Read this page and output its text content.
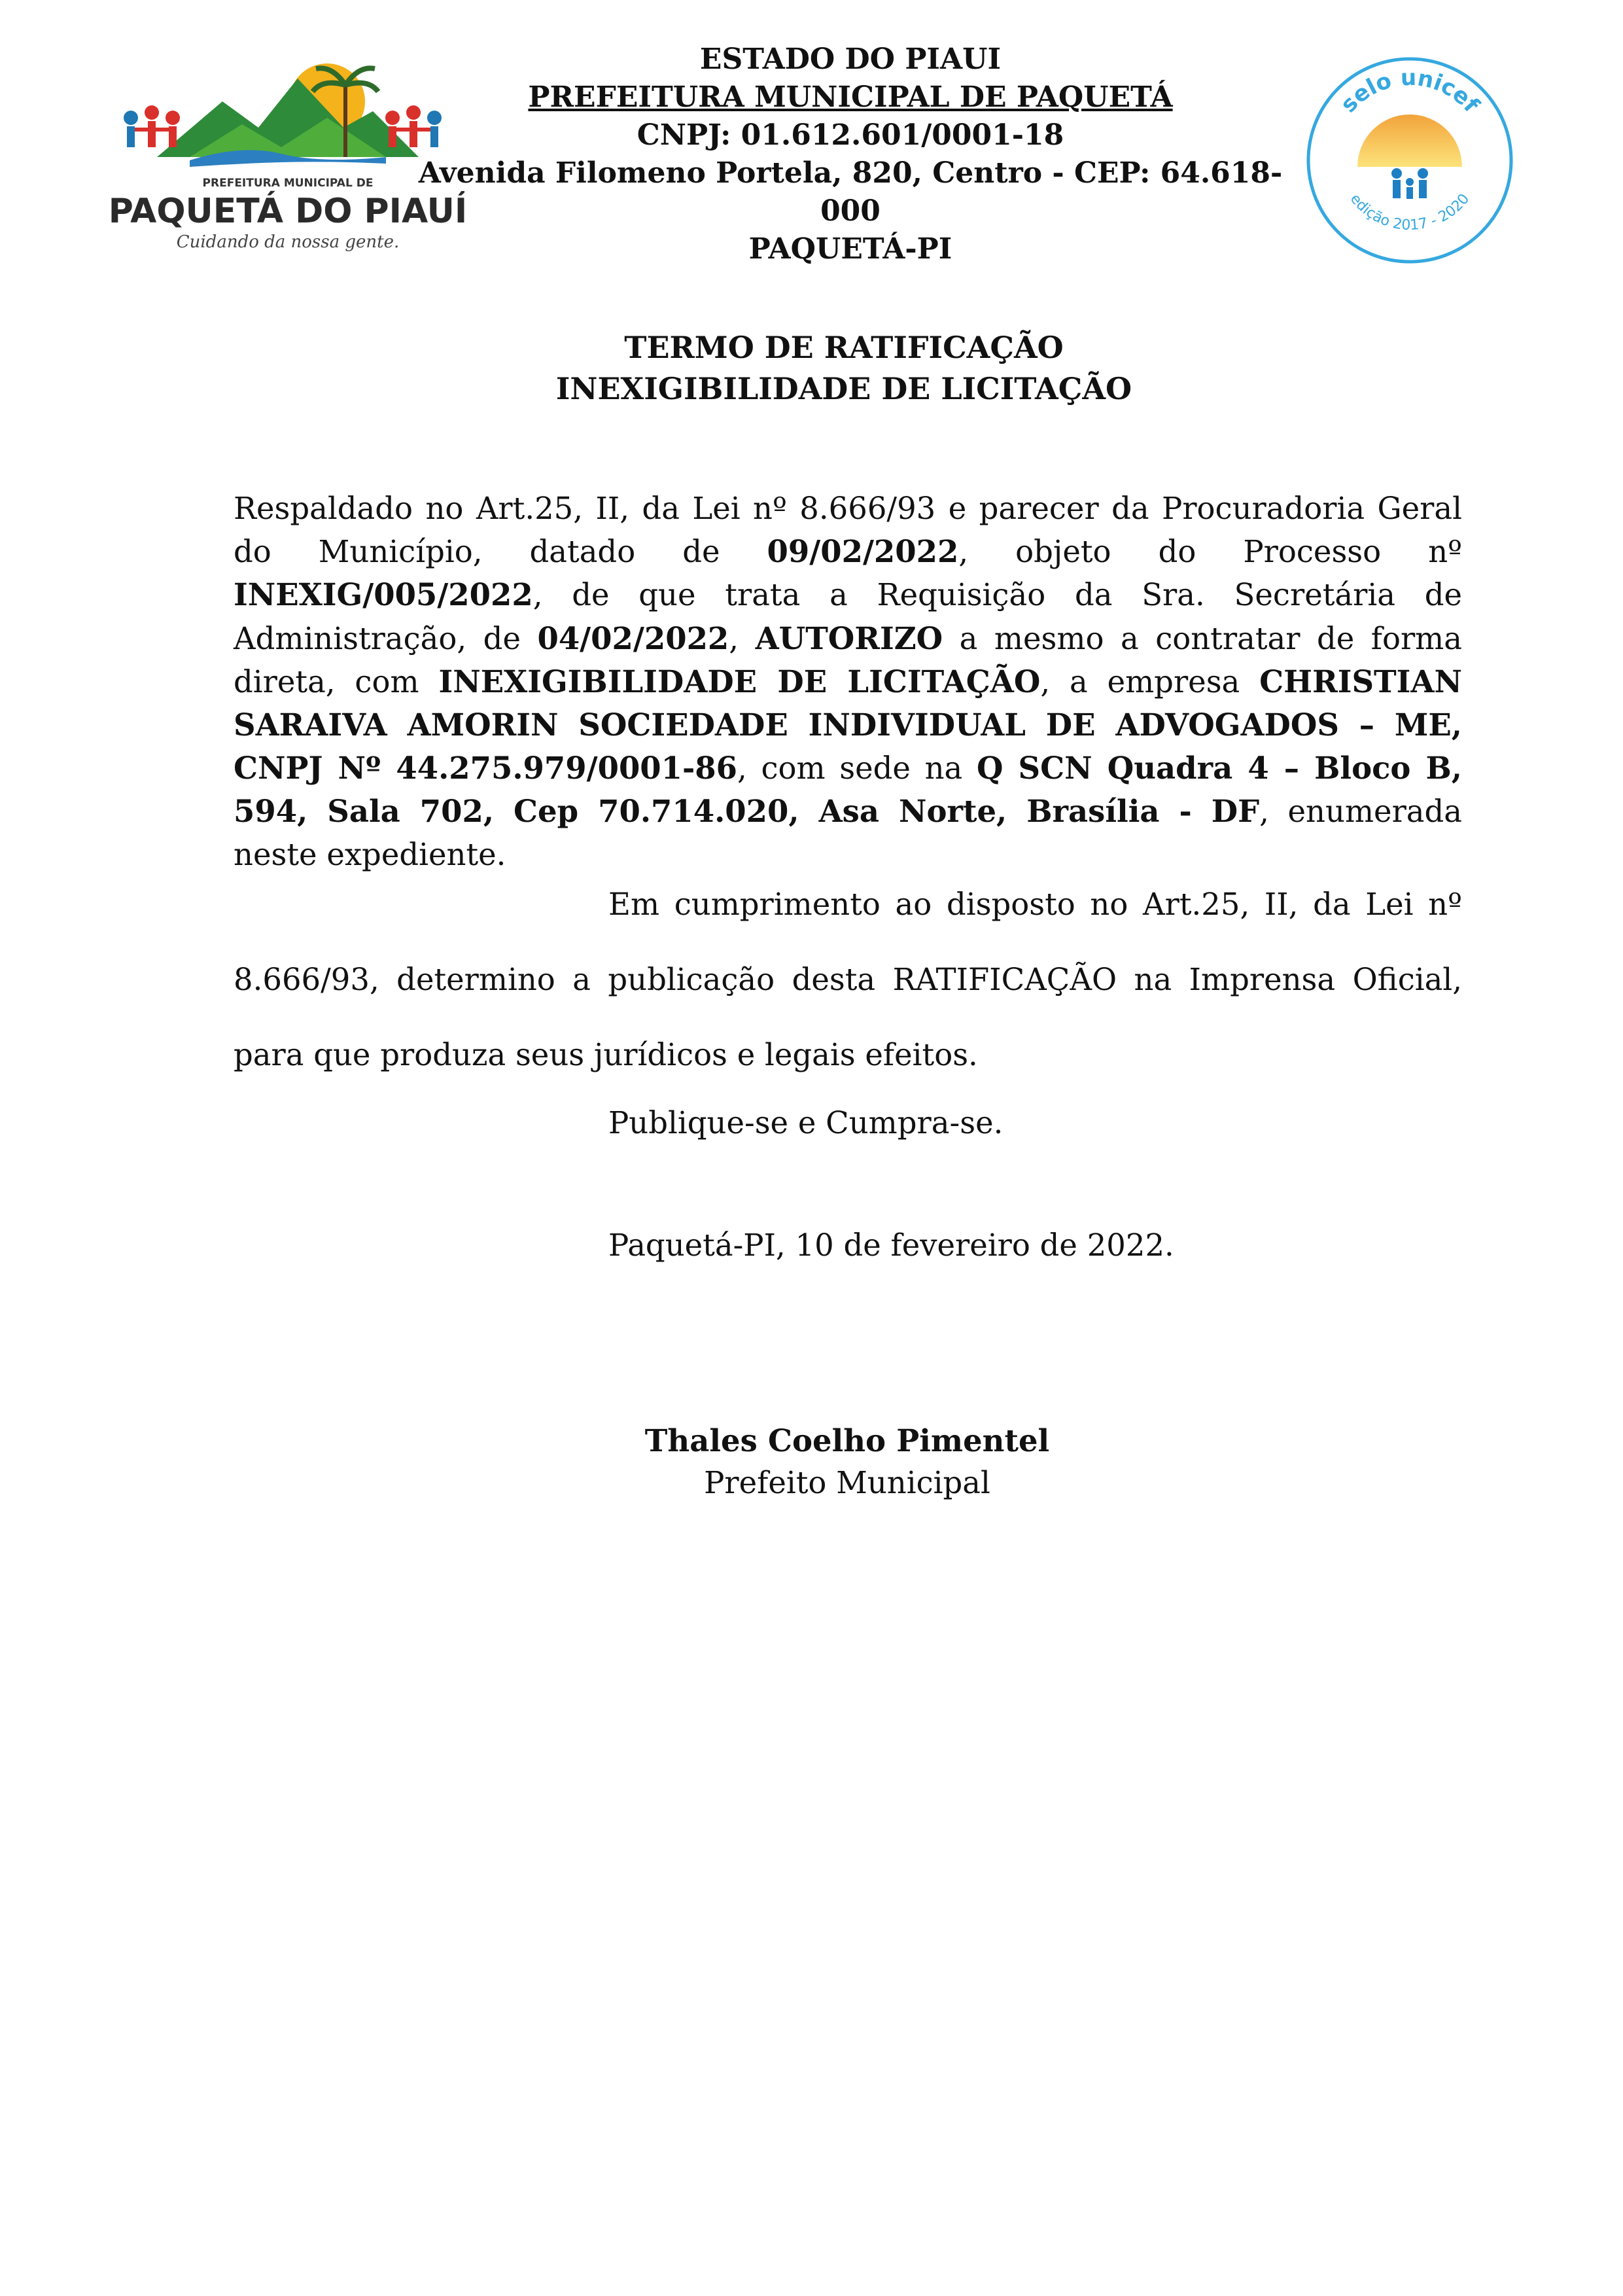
PREFEITURA MUNICIPAL DE
PAQUETÁ DO PIAUÍ
Cuidando da nossa gente.
selo unicef
edição 2017 - 2020
ESTADO DO PIAUI
PREFEITURA MUNICIPAL DE PAQUETÁ
CNPJ: 01.612.601/0001-18
Avenida Filomeno Portela, 820, Centro - CEP: 64.618-000
PAQUETÁ-PI
TERMO DE RATIFICAÇÃO
INEXIGIBILIDADE DE LICITAÇÃO
Respaldado no Art.25, II, da Lei nº 8.666/93 e parecer da Procuradoria Geral do Município, datado de 09/02/2022, objeto do Processo nº INEXIG/005/2022, de que trata a Requisição da Sra. Secretária de Administração, de 04/02/2022, AUTORIZO a mesmo a contratar de forma direta, com INEXIGIBILIDADE DE LICITAÇÃO, a empresa CHRISTIAN SARAIVA AMORIN SOCIEDADE INDIVIDUAL DE ADVOGADOS – ME, CNPJ Nº 44.275.979/0001-86, com sede na Q SCN Quadra 4 – Bloco B, 594, Sala 702, Cep 70.714.020, Asa Norte, Brasília - DF, enumerada neste expediente.
Em cumprimento ao disposto no Art.25, II, da Lei nº 8.666/93, determino a publicação desta RATIFICAÇÃO na Imprensa Oficial, para que produza seus jurídicos e legais efeitos.
Publique-se e Cumpra-se.
Paquetá-PI, 10 de fevereiro de 2022.
Thales Coelho Pimentel
Prefeito Municipal
